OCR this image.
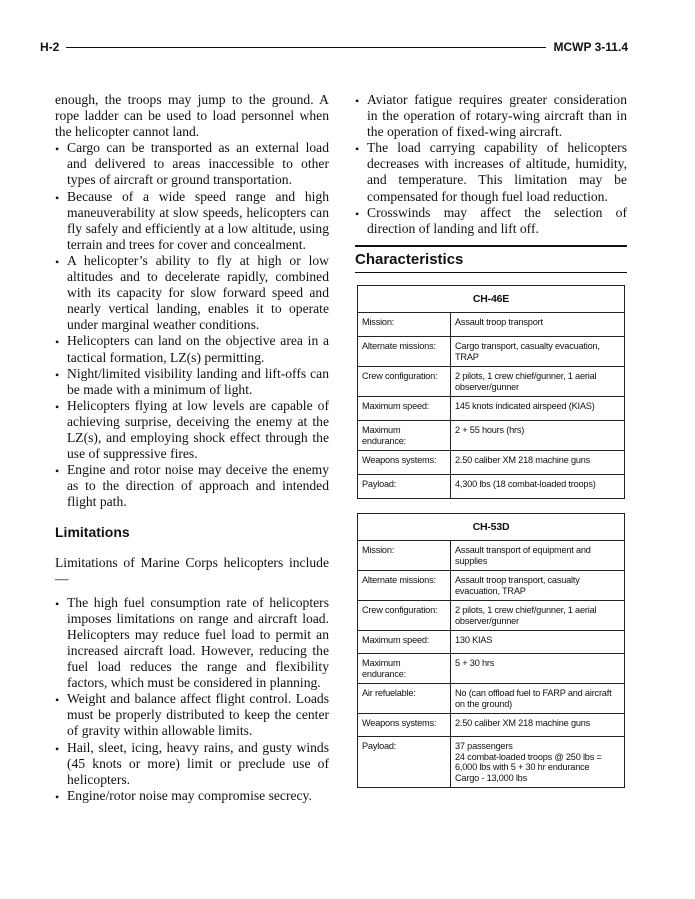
H-2	MCWP 3-11.4

enough, the troops may jump to the ground. A rope ladder can be used to load personnel when the helicopter cannot land.

• Cargo can be transported as an external load and delivered to areas inaccessible to other types of aircraft or ground transportation.
• Because of a wide speed range and high maneuverability at slow speeds, helicopters can fly safely and efficiently at a low altitude, using terrain and trees for cover and concealment.
• A helicopter’s ability to fly at high or low altitudes and to decelerate rapidly, combined with its capacity for slow forward speed and nearly vertical landing, enables it to operate under marginal weather conditions.
• Helicopters can land on the objective area in a tactical formation, LZ(s) permitting.
• Night/limited visibility landing and lift-offs can be made with a minimum of light.
• Helicopters flying at low levels are capable of achieving surprise, deceiving the enemy at the LZ(s), and employing shock effect through the use of suppressive fires.
• Engine and rotor noise may deceive the enemy as to the direction of approach and intended flight path.
Limitations

Limitations of Marine Corps helicopters include—

• The high fuel consumption rate of helicopters imposes limitations on range and aircraft load. Helicopters may reduce fuel load to permit an increased aircraft load. However, reducing the fuel load reduces the range and flexibility factors, which must be considered in planning.
• Weight and balance affect flight control. Loads must be properly distributed to keep the center of gravity within allowable limits.
• Hail, sleet, icing, heavy rains, and gusty winds (45 knots or more) limit or preclude use of helicopters.
• Engine/rotor noise may compromise secrecy.
• Aviator fatigue requires greater consideration in the operation of rotary-wing aircraft than in the operation of fixed-wing aircraft.
• The load carrying capability of helicopters decreases with increases of altitude, humidity, and temperature. This limitation may be compensated for though fuel load reduction.
• Crosswinds may affect the selection of direction of landing and lift off.
Characteristics
CH-46E	
Mission:	Assault troop transport
Alternate missions:	Cargo transport, casualty evacuation, TRAP
Crew configuration:	2 pilots, 1 crew chief/gunner, 1 aerial observer/gunner
Maximum speed:	145 knots indicated airspeed (KIAS)
Maximum endurance:	2 + 55 hours (hrs)
Weapons systems:	2.50 caliber XM 218 machine guns
Payload:	4,300 lbs (18 combat-loaded troops)
CH-53D	
Mission:	Assault transport of equipment and supplies
Alternate missions:	Assault troop transport, casualty evacuation, TRAP
Crew configuration:	2 pilots, 1 crew chief/gunner, 1 aerial observer/gunner
Maximum speed:	130 KIAS
Maximum endurance:	5 + 30 hrs
Air refuelable:	No (can offload fuel to FARP and aircraft on the ground)
Weapons systems:	2.50 caliber XM 218 machine guns
Payload:	37 passengers
24 combat-loaded troops @ 250 lbs = 6,000 lbs with 5 + 30 hr endurance
Cargo - 13,000 lbs
